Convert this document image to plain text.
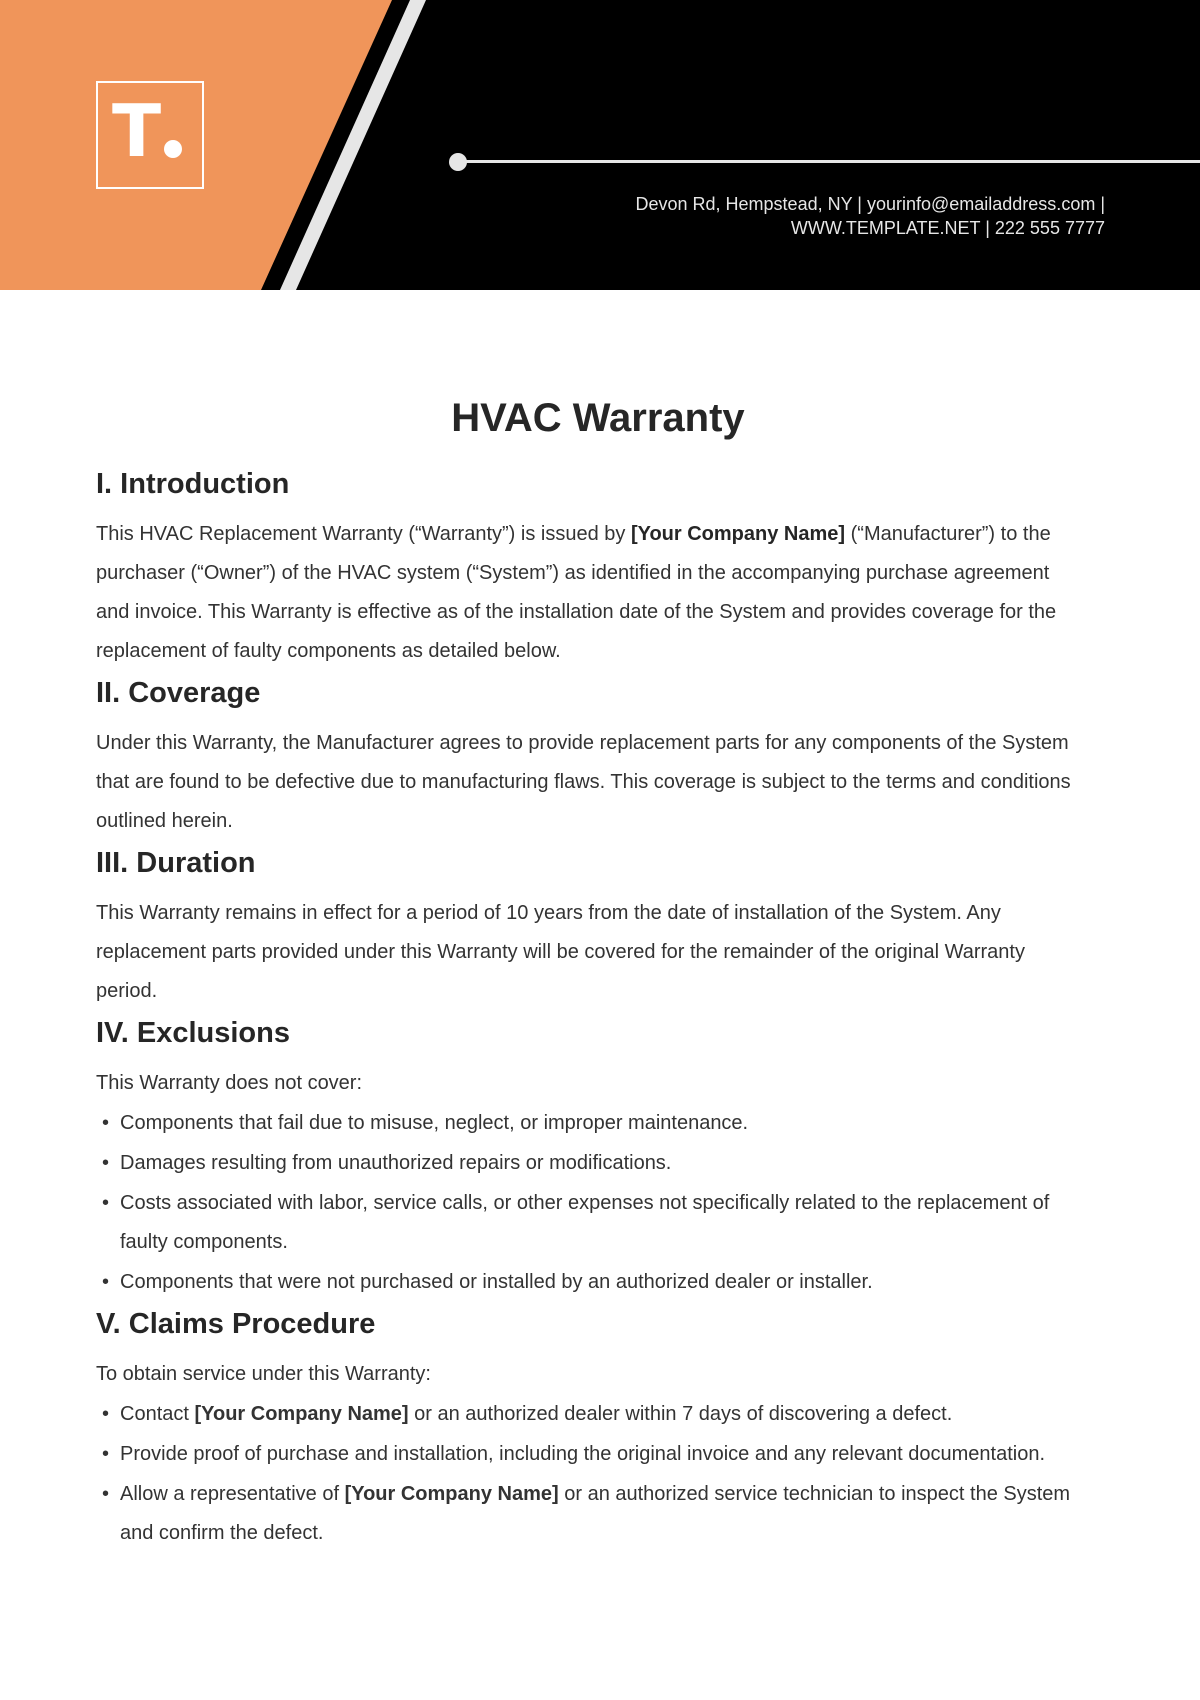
T
Devon Rd, Hempstead, NY | yourinfo@emailaddress.com |
WWW.TEMPLATE.NET | 222 555 7777
HVAC Warranty
I. Introduction

This HVAC Replacement Warranty (“Warranty”) is issued by [Your Company Name] (“Manufacturer”) to the purchaser (“Owner”) of the HVAC system (“System”) as identified in the accompanying purchase agreement and invoice. This Warranty is effective as of the installation date of the System and provides coverage for the replacement of faulty components as detailed below.

II. Coverage

Under this Warranty, the Manufacturer agrees to provide replacement parts for any components of the System that are found to be defective due to manufacturing flaws. This coverage is subject to the terms and conditions outlined herein.

III. Duration

This Warranty remains in effect for a period of 10 years from the date of installation of the System. Any replacement parts provided under this Warranty will be covered for the remainder of the original Warranty period.

IV. Exclusions

This Warranty does not cover:

• Components that fail due to misuse, neglect, or improper maintenance.
• Damages resulting from unauthorized repairs or modifications.
• Costs associated with labor, service calls, or other expenses not specifically related to the replacement of faulty components.
• Components that were not purchased or installed by an authorized dealer or installer.
V. Claims Procedure

To obtain service under this Warranty:

• Contact [Your Company Name] or an authorized dealer within 7 days of discovering a defect.
• Provide proof of purchase and installation, including the original invoice and any relevant documentation.
• Allow a representative of [Your Company Name] or an authorized service technician to inspect the System and confirm the defect.
